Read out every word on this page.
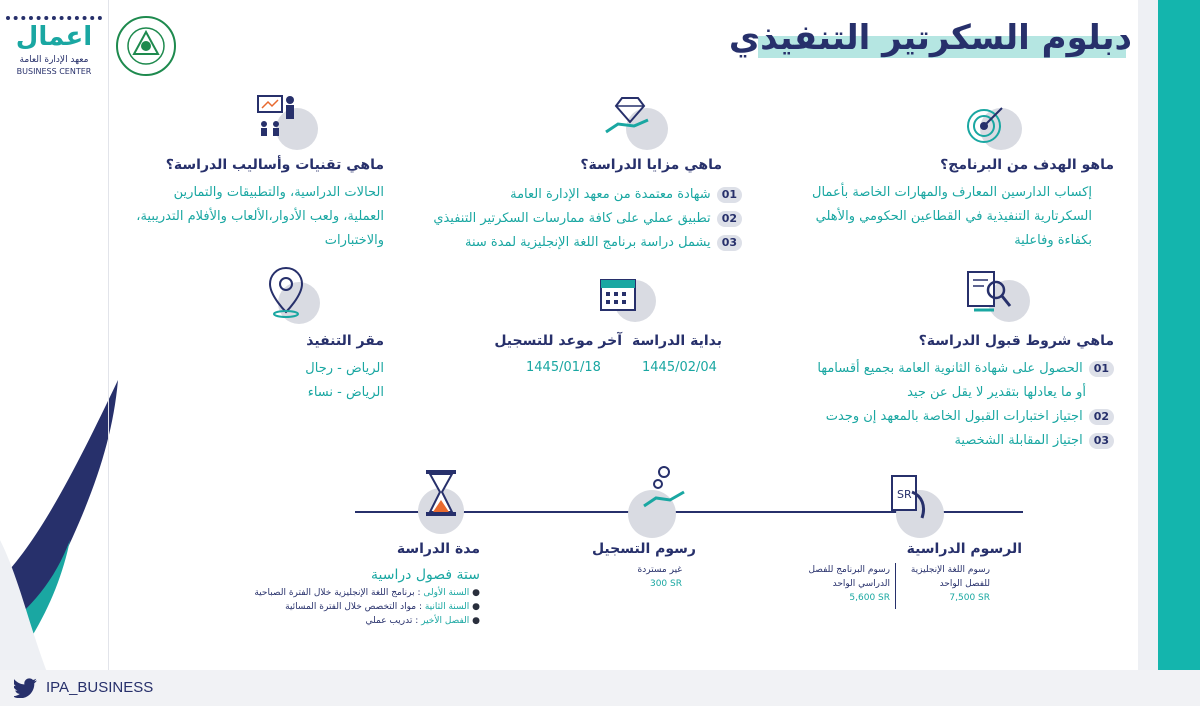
اعمال
معهد الإدارة العامة
BUSINESS CENTER
دبلوم السكرتير التنفيذي
ماهو الهدف من البرنامج؟
إكساب الدارسين المعارف والمهارات الخاصة بأعمال
السكرتارية التنفيذية في القطاعين الحكومي والأهلي
بكفاءة وفاعلية
ماهي مزايا الدراسة؟
01شهادة معتمدة من معهد الإدارة العامة
02تطبيق عملي على كافة ممارسات السكرتير التنفيذي
03يشمل دراسة برنامج اللغة الإنجليزية لمدة سنة
ماهي تقنيات وأساليب الدراسة؟
الحالات الدراسية، والتطبيقات والتمارين
العملية، ولعب الأدوار،الألعاب والأفلام التدريبية،
والاختبارات
ماهي شروط قبول الدراسة؟
01الحصول على شهادة الثانوية العامة بجميع أقسامها
أو ما يعادلها بتقدير لا يقل عن جيد
02اجتياز اختبارات القبول الخاصة بالمعهد إن وجدت
03اجتياز المقابلة الشخصية
بداية الدراسة
1445/02/04
آخر موعد للتسجيل
1445/01/18
مقر التنفيذ
الرياض - رجال
الرياض - نساء
SR
الرسوم الدراسية
رسوم اللغة الإنجليزية
للفصل الواحد
7,500 SR
رسوم البرنامج للفصل
الدراسي الواحد
5,600 SR
رسوم التسجيل
غير مستردة
300 SR
مدة الدراسة
ستة فصول دراسية
● السنة الأولى : برنامج اللغة الإنجليزية خلال الفترة الصباحية
● السنة الثانية : مواد التخصص خلال الفترة المسائية
● الفصل الأخير : تدريب عملي
IPA_BUSINESS
